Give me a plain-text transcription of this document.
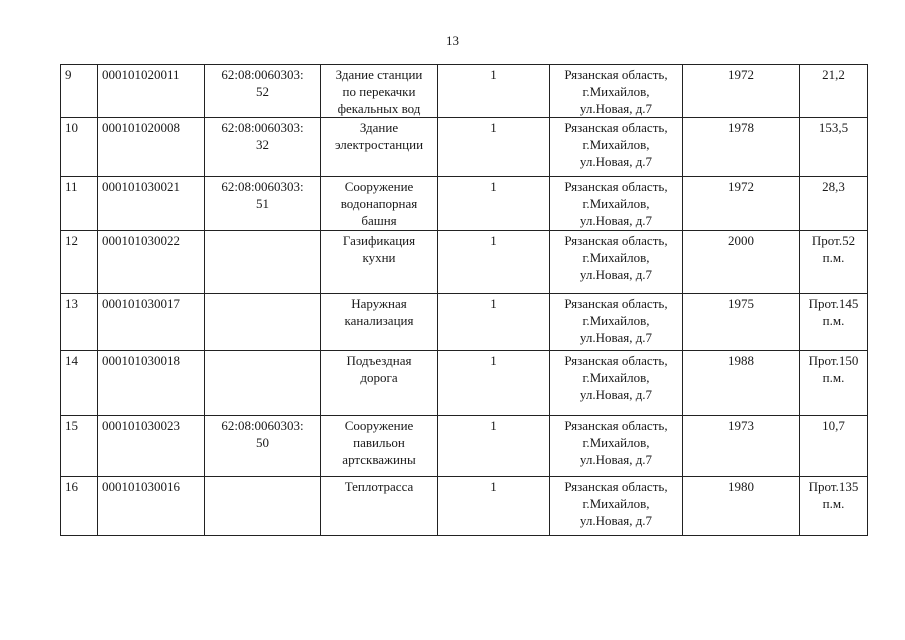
13
9	000101020011	62:08:0060303:
52	Здание станции
по перекачки
фекальных вод	1	Рязанская область,
г.Михайлов,
ул.Новая, д.7	1972	21,2
10	000101020008	62:08:0060303:
32	Здание
электростанции	1	Рязанская область,
г.Михайлов,
ул.Новая, д.7	1978	153,5
11	000101030021	62:08:0060303:
51	Сооружение
водонапорная
башня	1	Рязанская область,
г.Михайлов,
ул.Новая, д.7	1972	28,3
12	000101030022		Газификация
кухни	1	Рязанская область,
г.Михайлов,
ул.Новая, д.7	2000	Прот.52
п.м.
13	000101030017		Наружная
канализация	1	Рязанская область,
г.Михайлов,
ул.Новая, д.7	1975	Прот.145
п.м.
14	000101030018		Подъездная
дорога	1	Рязанская область,
г.Михайлов,
ул.Новая, д.7	1988	Прот.150
п.м.
15	000101030023	62:08:0060303:
50	Сооружение
павильон
артскважины	1	Рязанская область,
г.Михайлов,
ул.Новая, д.7	1973	10,7
16	000101030016		Теплотрасса	1	Рязанская область,
г.Михайлов,
ул.Новая, д.7	1980	Прот.135
п.м.
